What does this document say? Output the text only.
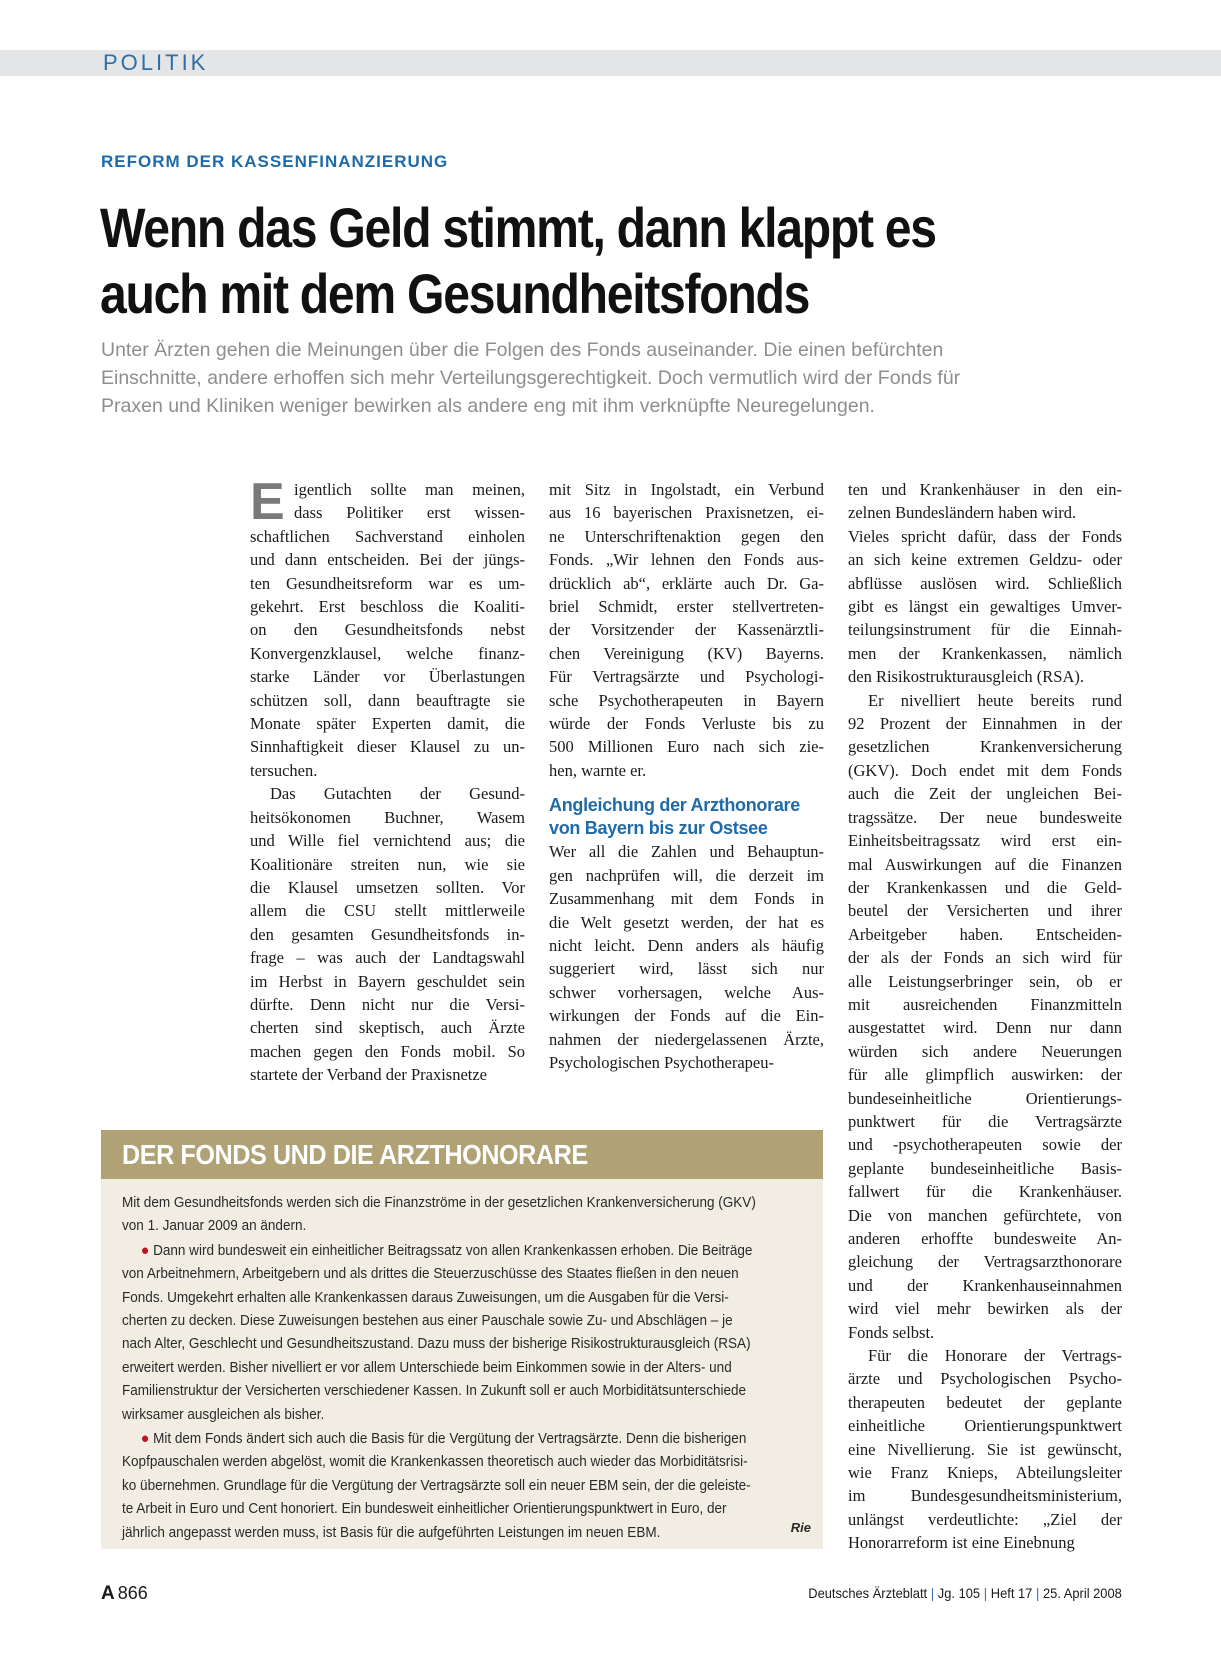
POLITIK
REFORM DER KASSENFINANZIERUNG
Wenn das Geld stimmt, dann klappt es
auch mit dem Gesundheitsfonds

Unter Ärzten gehen die Meinungen über die Folgen des Fonds auseinander. Die einen befürchten
Einschnitte, andere erhoffen sich mehr Verteilungsgerechtigkeit. Doch vermutlich wird der Fonds für
Praxen und Kliniken weniger bewirken als andere eng mit ihm verknüpfte Neuregelungen.

E igentlich sollte man meinen,
dass Politiker erst wissen-
schaftlichen Sachverstand einholen
und dann entscheiden. Bei der jüngs-
ten Gesundheitsreform war es um-
gekehrt. Erst beschloss die Koaliti-
on den Gesundheitsfonds nebst
Konvergenzklausel, welche finanz-
starke Länder vor Überlastungen
schützen soll, dann beauftragte sie
Monate später Experten damit, die
Sinnhaftigkeit dieser Klausel zu un-
tersuchen.
Das Gutachten der Gesund-
heitsökonomen Buchner, Wasem
und Wille fiel vernichtend aus; die
Koalitionäre streiten nun, wie sie
die Klausel umsetzen sollten. Vor
allem die CSU stellt mittlerweile
den gesamten Gesundheitsfonds in-
frage – was auch der Landtagswahl
im Herbst in Bayern geschuldet sein
dürfte. Denn nicht nur die Versi-
cherten sind skeptisch, auch Ärzte
machen gegen den Fonds mobil. So
startete der Verband der Praxisnetze
mit Sitz in Ingolstadt, ein Verbund
aus 16 bayerischen Praxisnetzen, ei-
ne Unterschriftenaktion gegen den
Fonds. „Wir lehnen den Fonds aus-
drücklich ab“, erklärte auch Dr. Ga-
briel Schmidt, erster stellvertreten-
der Vorsitzender der Kassenärztli-
chen Vereinigung (KV) Bayerns.
Für Vertragsärzte und Psychologi-
sche Psychotherapeuten in Bayern
würde der Fonds Verluste bis zu
500 Millionen Euro nach sich zie-
hen, warnte er.
Angleichung der Arzthonorare
von Bayern bis zur Ostsee
Wer all die Zahlen und Behauptun-
gen nachprüfen will, die derzeit im
Zusammenhang mit dem Fonds in
die Welt gesetzt werden, der hat es
nicht leicht. Denn anders als häufig
suggeriert wird, lässt sich nur
schwer vorhersagen, welche Aus-
wirkungen der Fonds auf die Ein-
nahmen der niedergelassenen Ärzte,
Psychologischen Psychotherapeu-
ten und Krankenhäuser in den ein-
zelnen Bundesländern haben wird.
Vieles spricht dafür, dass der Fonds
an sich keine extremen Geldzu- oder
abflüsse auslösen wird. Schließlich
gibt es längst ein gewaltiges Umver-
teilungsinstrument für die Einnah-
men der Krankenkassen, nämlich
den Risikostrukturausgleich (RSA).
Er nivelliert heute bereits rund
92 Prozent der Einnahmen in der
gesetzlichen Krankenversicherung
(GKV). Doch endet mit dem Fonds
auch die Zeit der ungleichen Bei-
tragssätze. Der neue bundesweite
Einheitsbeitragssatz wird erst ein-
mal Auswirkungen auf die Finanzen
der Krankenkassen und die Geld-
beutel der Versicherten und ihrer
Arbeitgeber haben. Entscheiden-
der als der Fonds an sich wird für
alle Leistungserbringer sein, ob er
mit ausreichenden Finanzmitteln
ausgestattet wird. Denn nur dann
würden sich andere Neuerungen
für alle glimpflich auswirken: der
bundeseinheitliche Orientierungs-
punktwert für die Vertragsärzte
und -psychotherapeuten sowie der
geplante bundeseinheitliche Basis-
fallwert für die Krankenhäuser.
Die von manchen gefürchtete, von
anderen erhoffte bundesweite An-
gleichung der Vertragsarzthonorare
und der Krankenhauseinnahmen
wird viel mehr bewirken als der
Fonds selbst.
Für die Honorare der Vertrags-
ärzte und Psychologischen Psycho-
therapeuten bedeutet der geplante
einheitliche Orientierungspunktwert
eine Nivellierung. Sie ist gewünscht,
wie Franz Knieps, Abteilungsleiter
im Bundesgesundheitsministerium,
unlängst verdeutlichte: „Ziel der
Honorarreform ist eine Einebnung
DER FONDS UND DIE ARZTHONORARE
Mit dem Gesundheitsfonds werden sich die Finanzströme in der gesetzlichen Krankenversicherung (GKV)
von 1. Januar 2009 an ändern.
● Dann wird bundesweit ein einheitlicher Beitragssatz von allen Krankenkassen erhoben. Die Beiträge
von Arbeitnehmern, Arbeitgebern und als drittes die Steuerzuschüsse des Staates fließen in den neuen
Fonds. Umgekehrt erhalten alle Krankenkassen daraus Zuweisungen, um die Ausgaben für die Versi-
cherten zu decken. Diese Zuweisungen bestehen aus einer Pauschale sowie Zu- und Abschlägen – je
nach Alter, Geschlecht und Gesundheitszustand. Dazu muss der bisherige Risikostrukturausgleich (RSA)
erweitert werden. Bisher nivelliert er vor allem Unterschiede beim Einkommen sowie in der Alters- und
Familienstruktur der Versicherten verschiedener Kassen. In Zukunft soll er auch Morbiditätsunterschiede
wirksamer ausgleichen als bisher.
● Mit dem Fonds ändert sich auch die Basis für die Vergütung der Vertragsärzte. Denn die bisherigen
Kopfpauschalen werden abgelöst, womit die Krankenkassen theoretisch auch wieder das Morbiditätsrisi-
ko übernehmen. Grundlage für die Vergütung der Vertragsärzte soll ein neuer EBM sein, der die geleiste-
te Arbeit in Euro und Cent honoriert. Ein bundesweit einheitlicher Orientierungspunktwert in Euro, der
jährlich angepasst werden muss, ist Basis für die aufgeführten Leistungen im neuen EBM.	Rie
A 866	Deutsches Ärzteblatt | Jg. 105 | Heft 17 | 25. April 2008
